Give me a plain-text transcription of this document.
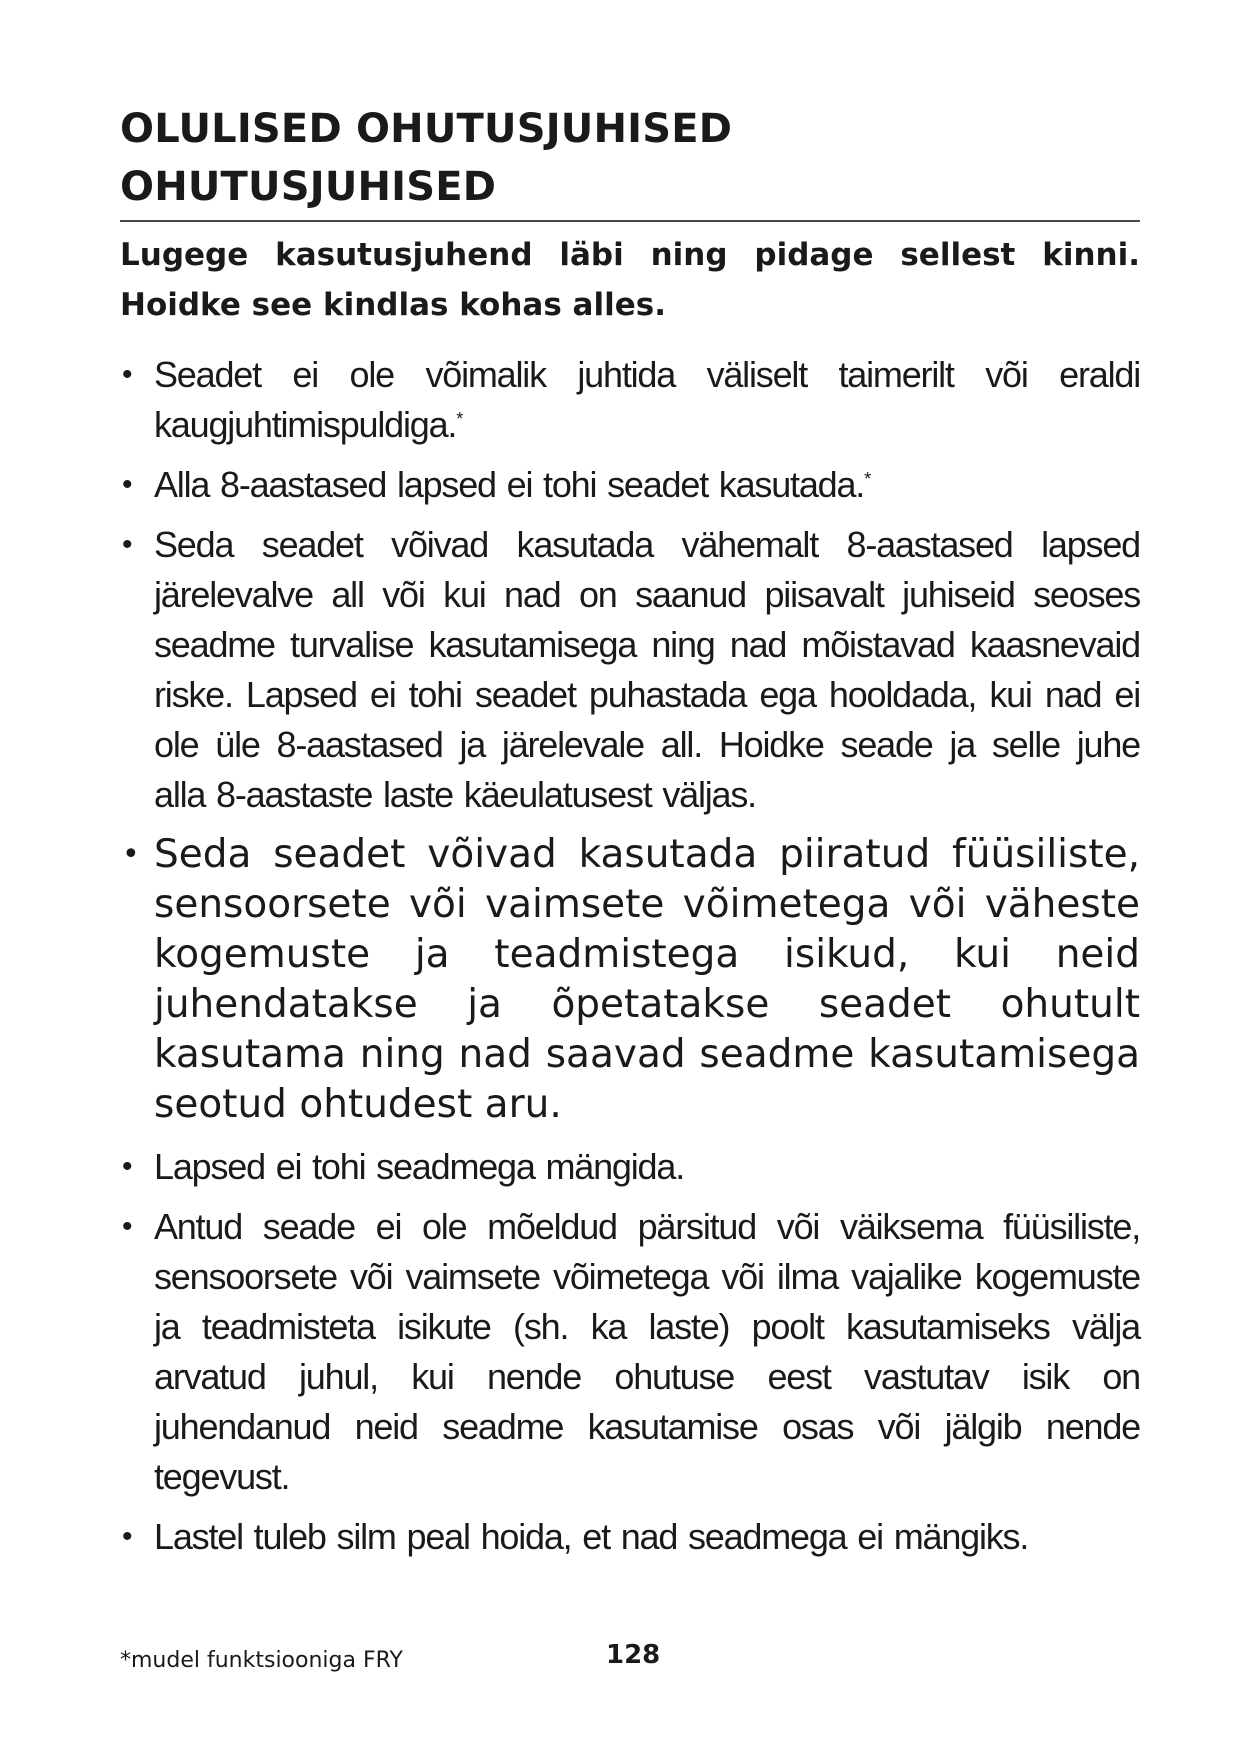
OLULISED OHUTUSJUHISED
OHUTUSJUHISED

Lugege kasutusjuhend läbi ning pidage sellest kinni. Hoidke see kindlas kohas alles.

• Seadet ei ole võimalik juhtida väliselt taimerilt või eraldi kaugjuhtimispuldiga.*
• Alla 8-aastased lapsed ei tohi seadet kasutada.*
• Seda seadet võivad kasutada vähemalt 8-aastased lapsed järelevalve all või kui nad on saanud piisavalt juhiseid seoses seadme turvalise kasutamisega ning nad mõistavad kaasnevaid riske. Lapsed ei tohi seadet puhastada ega hooldada, kui nad ei ole üle 8-aastased ja järelevale all. Hoidke seade ja selle juhe alla 8-aastaste laste käeulatusest väljas.
• Seda seadet võivad kasutada piiratud füüsiliste, sensoorsete või vaimsete võimetega või väheste kogemuste ja teadmistega isikud, kui neid juhendatakse ja õpetatakse seadet ohutult kasutama ning nad saavad seadme kasutamisega seotud ohtudest aru.
• Lapsed ei tohi seadmega mängida.
• Antud seade ei ole mõeldud pärsitud või väiksema füüsiliste, sensoorsete või vaimsete võimetega või ilma vajalike kogemuste ja teadmisteta isikute (sh. ka laste) poolt kasutamiseks välja arvatud juhul, kui nende ohutuse eest vastutav isik on juhendanud neid seadme kasutamise osas või jälgib nende tegevust.
• Lastel tuleb silm peal hoida, et nad seadmega ei mängiks.
*mudel funktsiooniga FRY	128
